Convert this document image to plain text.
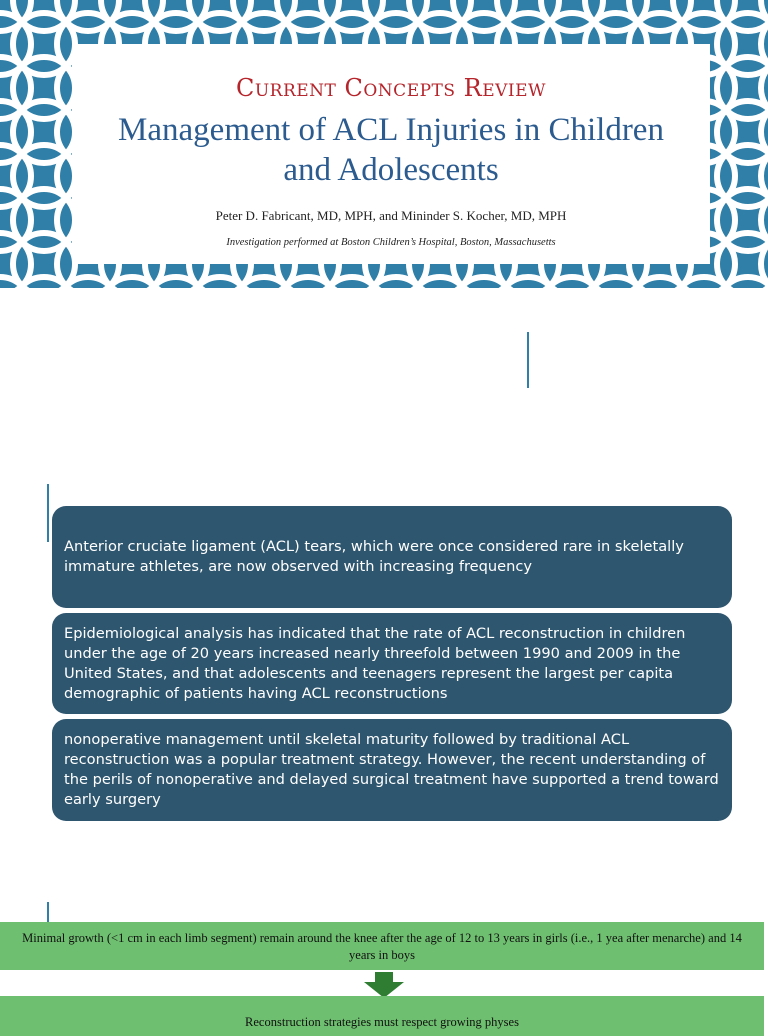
Current Concepts Review
Management of ACL Injuries in Children
and Adolescents
Peter D. Fabricant, MD, MPH, and Mininder S. Kocher, MD, MPH
Investigation performed at Boston Children’s Hospital, Boston, Massachusetts
Anterior cruciate ligament (ACL) tears, which were once considered rare in skeletally immature athletes, are now observed with increasing frequency
Epidemiological analysis has indicated that the rate of ACL reconstruction in children under the age of 20 years increased nearly threefold between 1990 and 2009 in the United States, and that adolescents and teenagers represent the largest per capita demographic of patients having ACL reconstructions
nonoperative management until skeletal maturity followed by traditional ACL reconstruction was a popular treatment strategy. However, the recent understanding of the perils of nonoperative and delayed surgical treatment have supported a trend toward early surgery
Minimal growth (<1 cm in each limb segment) remain around the knee after the age of 12 to 13 years in girls (i.e., 1 yea after menarche) and 14 years in boys
Reconstruction strategies must respect growing physes
